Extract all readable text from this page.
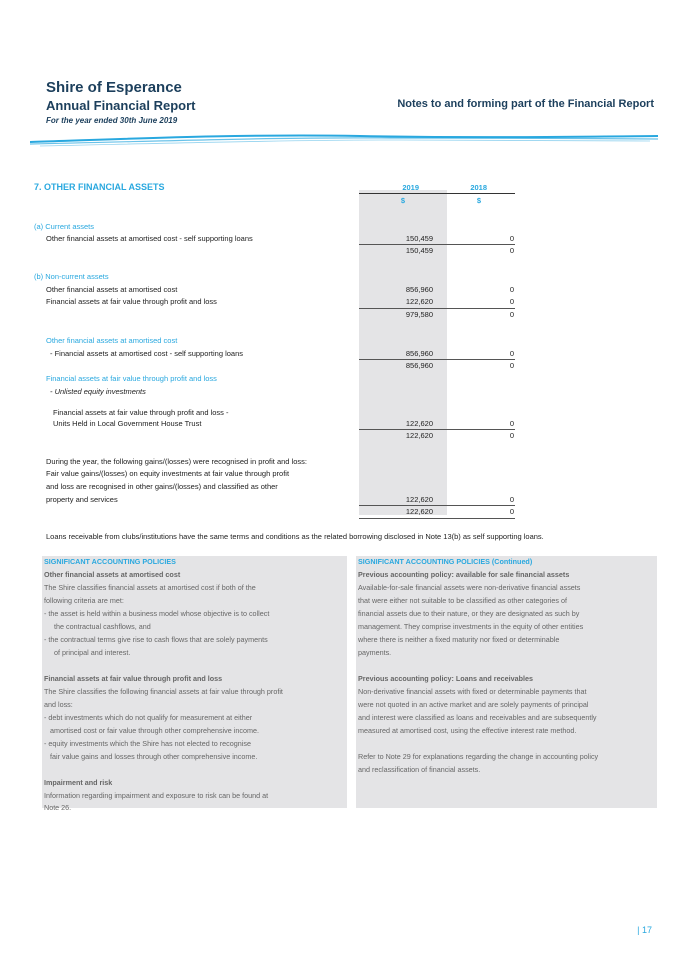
Shire of Esperance
Annual Financial Report
For the year ended 30th June 2019
Notes to and forming part of the Financial Report
7. OTHER FINANCIAL ASSETS	2019	2018
$	$
(a) Current assets
Other financial assets at amortised cost - self supporting loans	150,459	0
150,459	0
(b) Non-current assets
Other financial assets at amortised cost	856,960	0
Financial assets at fair value through profit and loss	122,620	0
979,580	0
Other financial assets at amortised cost
- Financial assets at amortised cost - self supporting loans	856,960	0
856,960	0
Financial assets at fair value through profit and loss
- Unlisted equity investments
Financial assets at fair value through profit and loss -
Units Held in Local Government House Trust	122,620	0
122,620	0
During the year, the following gains/(losses) were recognised in profit and loss:
Fair value gains/(losses) on equity investments at fair value through profit
and loss are recognised in other gains/(losses) and classified as other
property and services	122,620	0
122,620	0
Loans receivable from clubs/institutions have the same terms and conditions as the related borrowing disclosed in Note 13(b) as self supporting loans.
SIGNIFICANT ACCOUNTING POLICIES
Other financial assets at amortised cost
The Shire classifies financial assets at amortised cost if both of the
following criteria are met:
- the asset is held within a business model whose objective is to collect
the contractual cashflows, and
- the contractual terms give rise to cash flows that are solely payments
of principal and interest.
Financial assets at fair value through profit and loss
The Shire classifies the following financial assets at fair value through profit
and loss:
- debt investments which do not qualify for measurement at either
amortised cost or fair value through other comprehensive income.
- equity investments which the Shire has not elected to recognise
fair value gains and losses through other comprehensive income.
Impairment and risk
Information regarding impairment and exposure to risk can be found at
Note 26.
SIGNIFICANT ACCOUNTING POLICIES (Continued)
Previous accounting policy: available for sale financial assets
Available-for-sale financial assets were non-derivative financial assets
that were either not suitable to be classified as other categories of
financial assets due to their nature, or they are designated as such by
management. They comprise investments in the equity of other entities
where there is neither a fixed maturity nor fixed or determinable
payments.
Previous accounting policy: Loans and receivables
Non-derivative financial assets with fixed or determinable payments that
were not quoted in an active market and are solely payments of principal
and interest were classified as loans and receivables and are subsequently
measured at amortised cost, using the effective interest rate method.
Refer to Note 29 for explanations regarding the change in accounting policy
and reclassification of financial assets.
| 17
